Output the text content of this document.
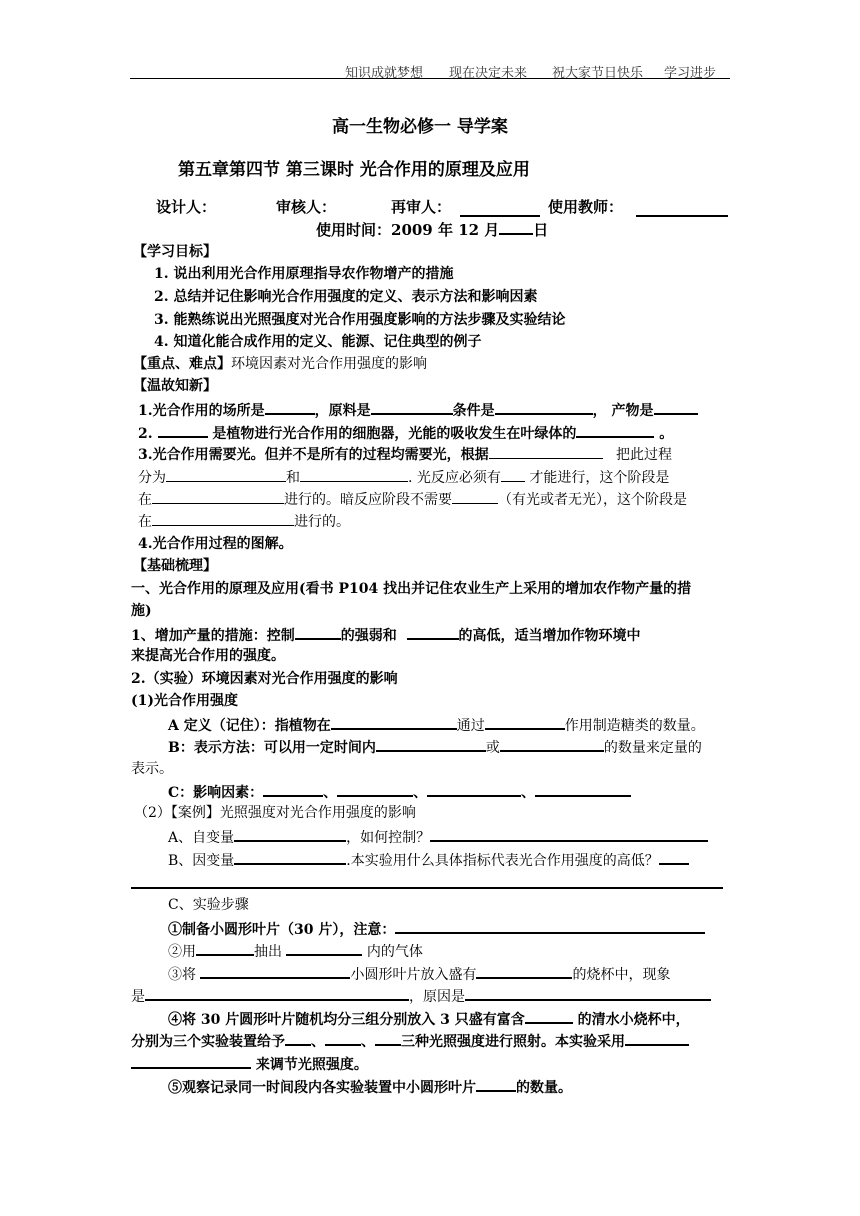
知识成就梦想 现在决定未来 祝大家节日快乐 学习进步
高一生物必修一 导学案
第五章第四节 第三课时 光合作用的原理及应用
设计人：	审核人：	再审人：	使用教师：
使用时间：2009 年 12 月 日
【学习目标】
1. 说出利用光合作用原理指导农作物增产的措施
2. 总结并记住影响光合作用强度的定义、表示方法和影响因素
3. 能熟练说出光照强度对光合作用强度影响的方法步骤及实验结论
4. 知道化能合成作用的定义、能源、记住典型的例子
【重点、难点】环境因素对光合作用强度的影响
【温故知新】
1.光合作用的场所是	，原料是	条件是	， 产物是
2.	是植物进行光合作用的细胞器，光能的吸收发生在叶绿体的	。
3.光合作用需要光。但并不是所有的过程均需要光，根据	把此过程
分为	和	. 光反应必须有 才能进行，这个阶段是
在	进行的。暗反应阶段不需要	（有光或者无光），这个阶段是
在	进行的。
4.光合作用过程的图解。
【基础梳理】
一、光合作用的原理及应用(看书 P104 找出并记住农业生产上采用的增加农作物产量的措
施)
1、增加产量的措施：控制	的强弱和	的高低，适当增加作物环境中
来提高光合作用的强度。
2.（实验）环境因素对光合作用强度的影响
(1)光合作用强度
A 定义（记住）：指植物在	通过	作用制造糖类的数量。
B：表示方法：可以用一定时间内	或	的数量来定量的
表示。
C：影响因素：	、	、	、
（2）【案例】光照强度对光合作用强度的影响
A、自变量	，如何控制？
B、因变量	.本实验用什么具体指标代表光合作用强度的高低？
C、实验步骤
①制备小圆形叶片（30 片），注意：
②用	抽出	内的气体
③将	小圆形叶片放入盛有	的烧杯中，现象
是	，原因是
④将 30 片圆形叶片随机均分三组分别放入 3 只盛有富含	的清水小烧杯中，
分别为三个实验装置给予 、	、 三种光照强度进行照射。本实验采用
来调节光照强度。
⑤观察记录同一时间段内各实验装置中小圆形叶片	的数量。
